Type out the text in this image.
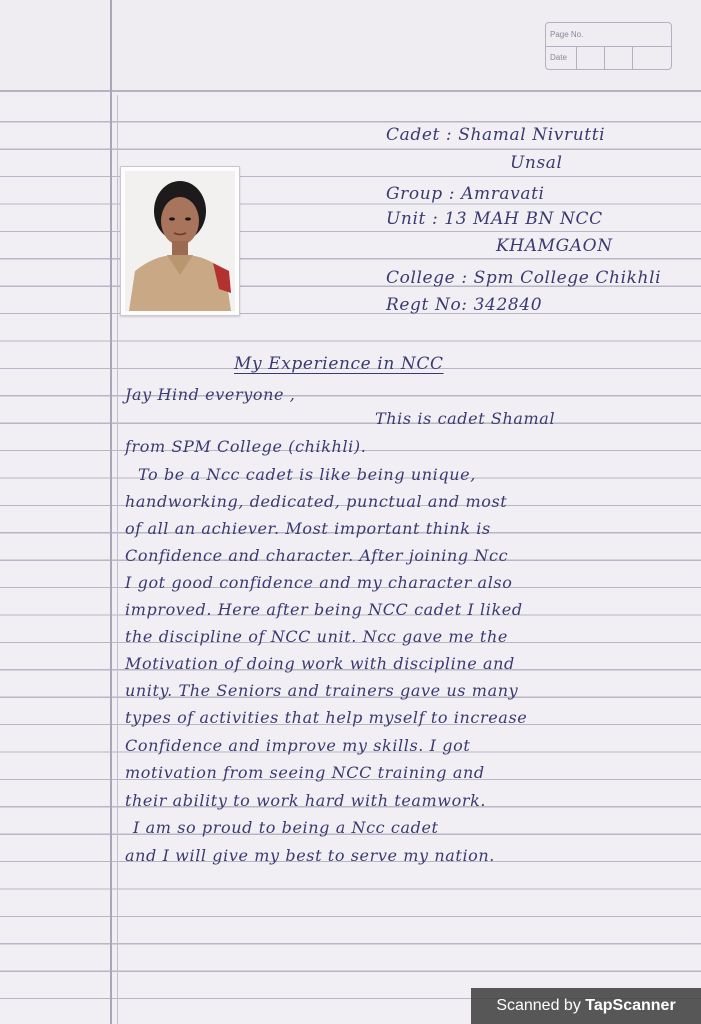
Page No.
Date
Cadet : Shamal Nivrutti
Unsal
Group : Amravati
Unit : 13 MAH BN NCC
KHAMGAON
College : Spm College Chikhli
Regt No: 342840
My Experience in NCC
Jay Hind everyone ,
This is cadet Shamal
from SPM College (chikhli).
To be a Ncc cadet is like being unique,
handworking, dedicated, punctual and most
of all an achiever. Most important think is
Confidence and character. After joining Ncc
I got good confidence and my character also
improved. Here after being NCC cadet I liked
the discipline of NCC unit. Ncc gave me the
Motivation of doing work with discipline and
unity. The Seniors and trainers gave us many
types of activities that help myself to increase
Confidence and improve my skills. I got
motivation from seeing NCC training and
their ability to work hard with teamwork.
I am so proud to being a Ncc cadet
and I will give my best to serve my nation.
Scanned by TapScanner
